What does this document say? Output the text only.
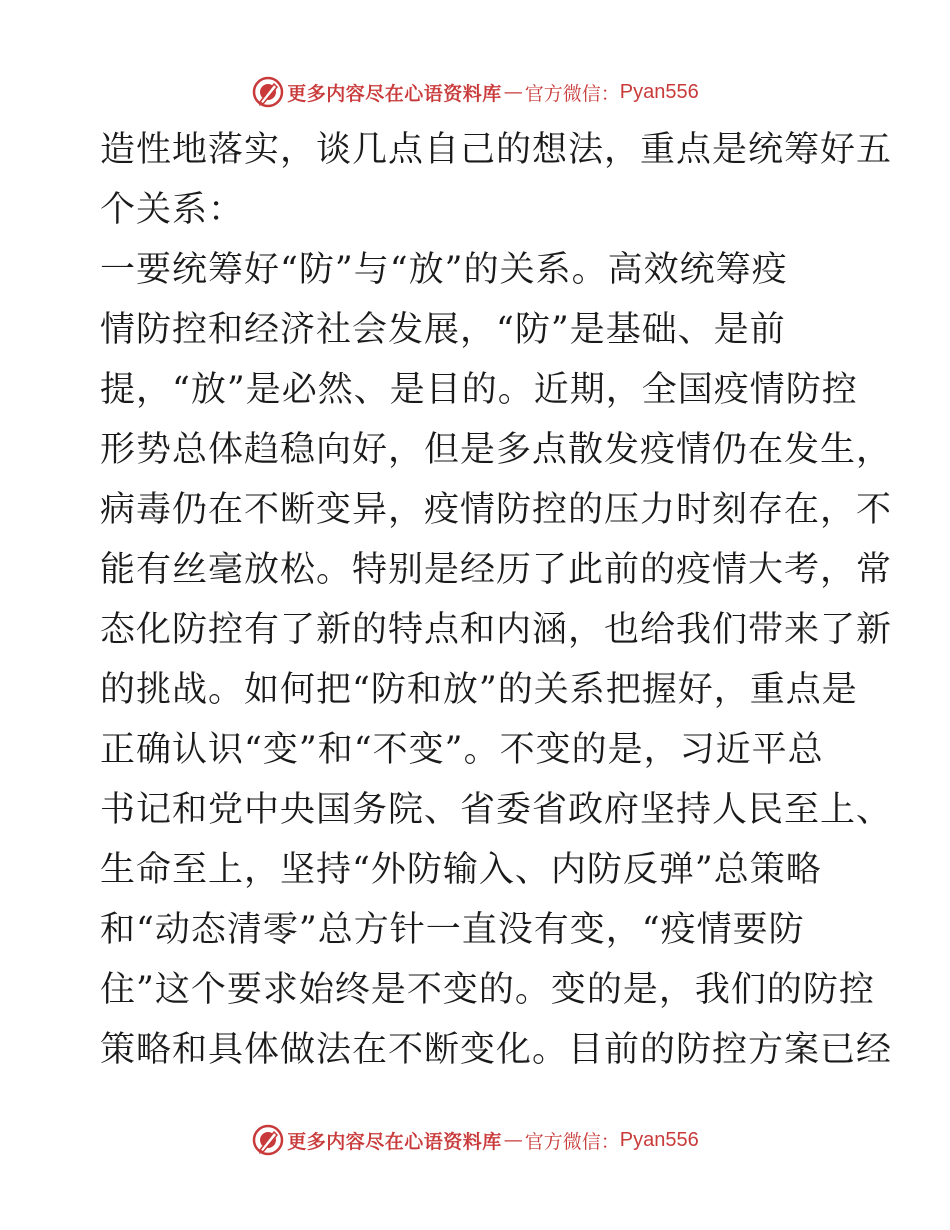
更多内容尽在心语资料库 — 官方微信： Pyan556
造性地落实，谈几点自己的想法，重点是统筹好五
个关系：
一要统筹好“防”与“放”的关系。高效统筹疫
情防控和经济社会发展，“防”是基础、是前
提，“放”是必然、是目的。近期，全国疫情防控
形势总体趋稳向好，但是多点散发疫情仍在发生，
病毒仍在不断变异，疫情防控的压力时刻存在，不
能有丝毫放松。特别是经历了此前的疫情大考，常
态化防控有了新的特点和内涵，也给我们带来了新
的挑战。如何把“防和放”的关系把握好，重点是
正确认识“变”和“不变”。不变的是，习近平总
书记和党中央国务院、省委省政府坚持人民至上、
生命至上，坚持“外防输入、内防反弹”总策略
和“动态清零”总方针一直没有变，“疫情要防
住”这个要求始终是不变的。变的是，我们的防控
策略和具体做法在不断变化。目前的防控方案已经
更多内容尽在心语资料库 — 官方微信： Pyan556
